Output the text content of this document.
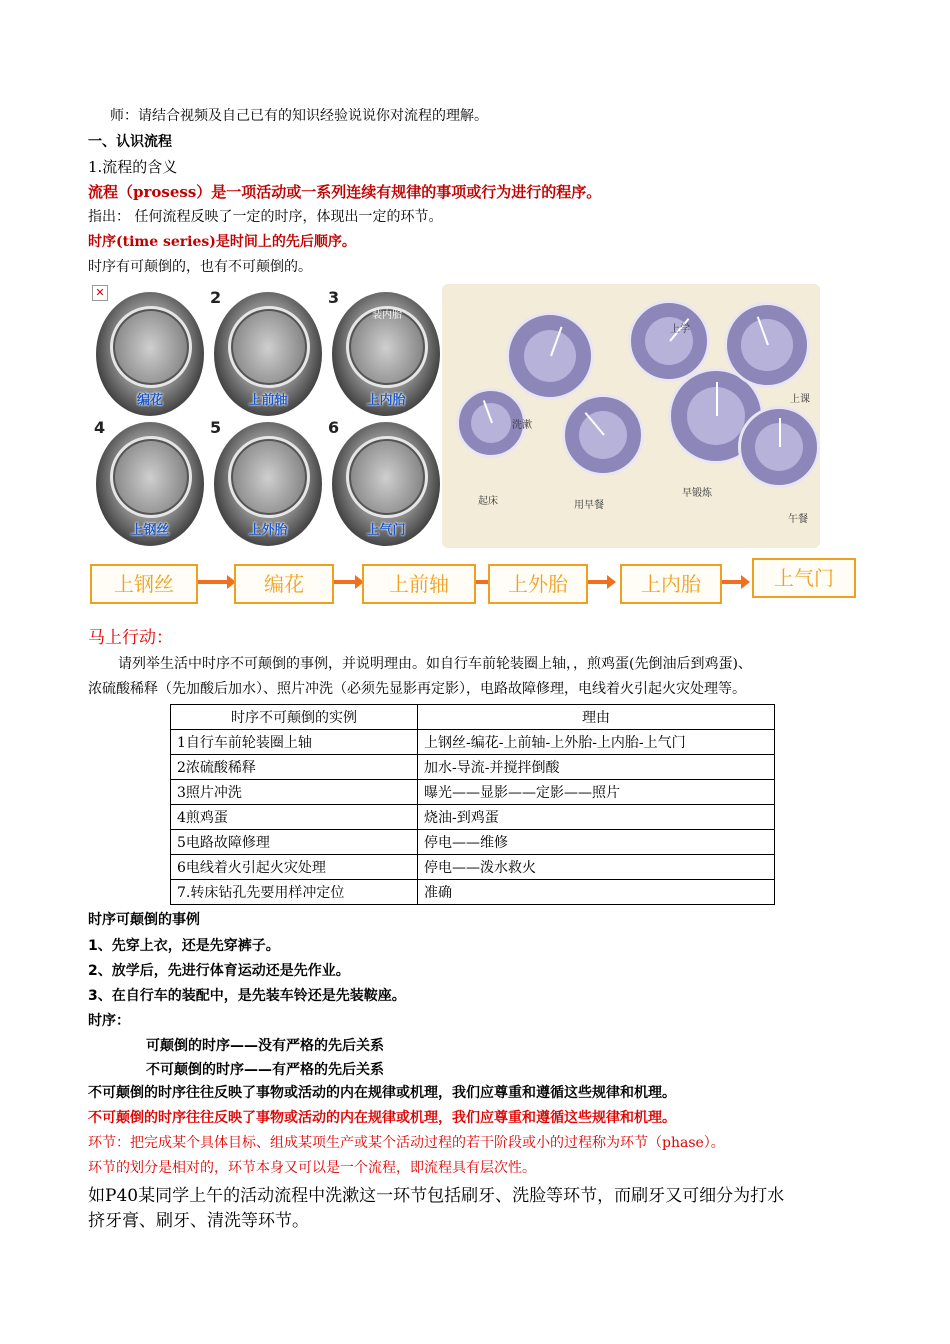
师：请结合视频及自己已有的知识经验说说你对流程的理解。
一、认识流程
1.流程的含义
流程（prosess）是一项活动或一系列连续有规律的事项或行为进行的程序。
指出： 任何流程反映了一定的时序，体现出一定的环节。
时序(time series)是时间上的先后顺序。
时序有可颠倒的，也有不可颠倒的。
✕
编花
2
上前轴
3
装内胎
上内胎
4
上钢丝
5
上外胎
6
上气门
起床
洗漱
用早餐
早锻炼
上学
上课
午餐
上钢丝	编花	上前轴	上外胎	上内胎	上气门
马上行动：
请列举生活中时序不可颠倒的事例，并说明理由。如自行车前轮装圈上轴，，煎鸡蛋(先倒油后到鸡蛋)、
浓硫酸稀释（先加酸后加水）、照片冲洗（必须先显影再定影），电路故障修理，电线着火引起火灾处理等。
时序不可颠倒的实例	理由
1自行车前轮装圈上轴	上钢丝-编花-上前轴-上外胎-上内胎-上气门
2浓硫酸稀释	加水-导流-并搅拌倒酸
3照片冲洗	曝光——显影——定影——照片
4煎鸡蛋	烧油-到鸡蛋
5电路故障修理	停电——维修
6电线着火引起火灾处理	停电——泼水救火
7.转床钻孔先要用样冲定位	准确
时序可颠倒的事例
1、先穿上衣，还是先穿裤子。
2、放学后，先进行体育运动还是先作业。
3、在自行车的装配中，是先装车铃还是先装鞍座。
时序：
可颠倒的时序——没有严格的先后关系
不可颠倒的时序——有严格的先后关系
不可颠倒的时序往往反映了事物或活动的内在规律或机理，我们应尊重和遵循这些规律和机理。
不可颠倒的时序往往反映了事物或活动的内在规律或机理，我们应尊重和遵循这些规律和机理。
环节：把完成某个具体目标、组成某项生产或某个活动过程的若干阶段或小的过程称为环节（phase）。
环节的划分是相对的，环节本身又可以是一个流程，即流程具有层次性。
如P40某同学上午的活动流程中洗漱这一环节包括刷牙、洗脸等环节，而刷牙又可细分为打水
挤牙膏、刷牙、清洗等环节。
